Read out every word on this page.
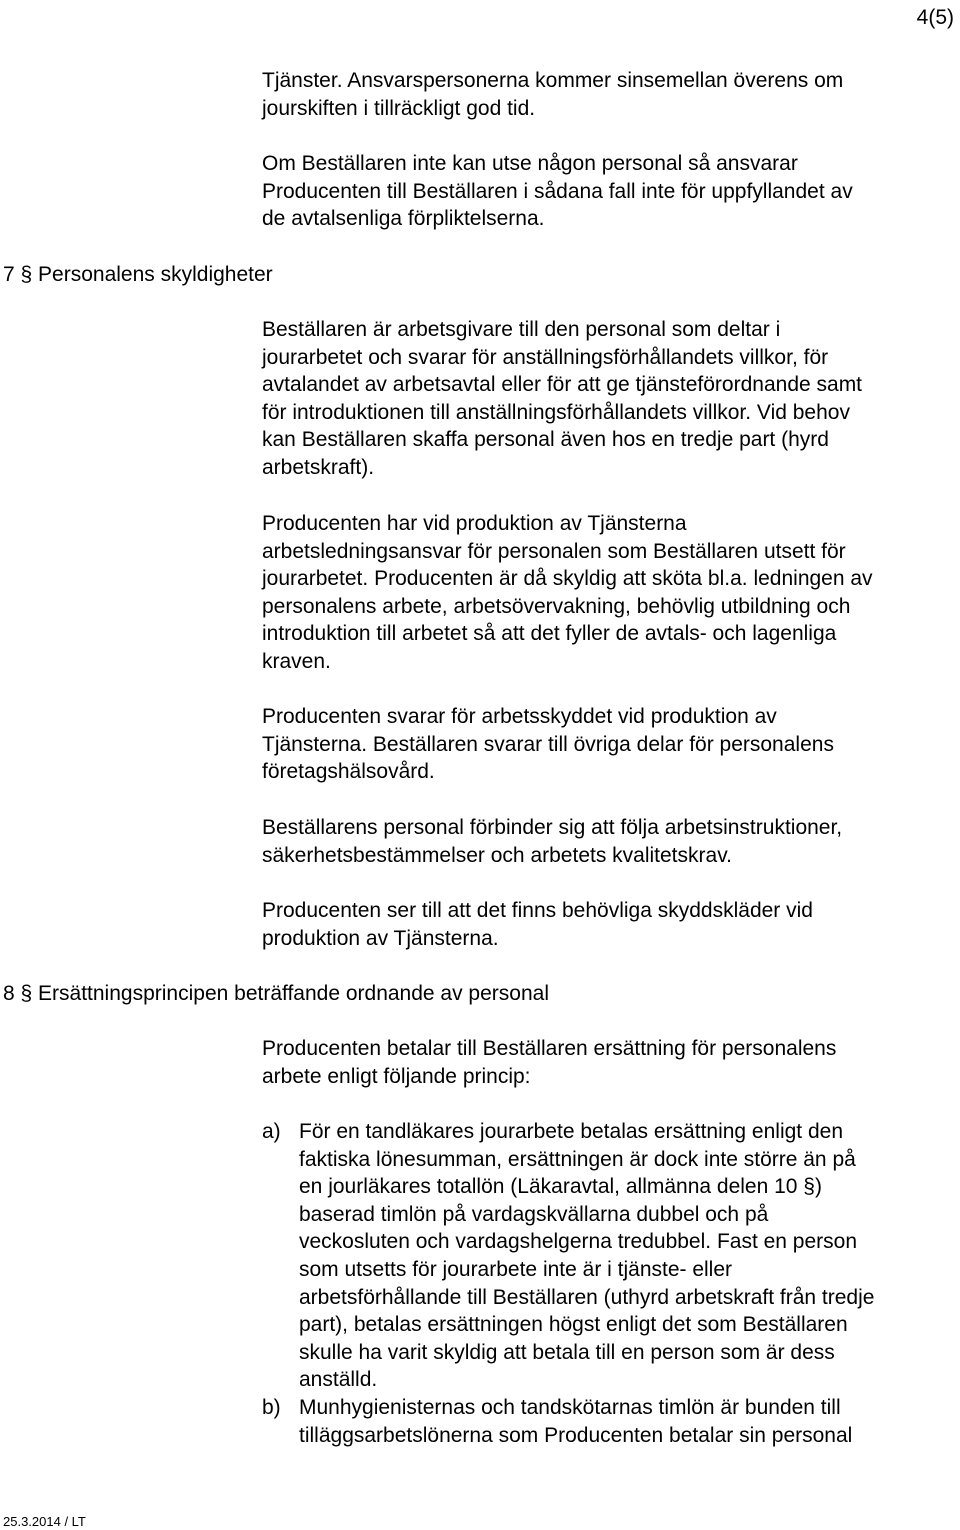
4(5)
Tjänster. Ansvarspersonerna kommer sinsemellan överens om
jourskiften i tillräckligt god tid.
Om Beställaren inte kan utse någon personal så ansvarar
Producenten till Beställaren i sådana fall inte för uppfyllandet av
de avtalsenliga förpliktelserna.
7 § Personalens skyldigheter
Beställaren är arbetsgivare till den personal som deltar i
jourarbetet och svarar för anställningsförhållandets villkor, för
avtalandet av arbetsavtal eller för att ge tjänsteförordnande samt
för introduktionen till anställningsförhållandets villkor. Vid behov
kan Beställaren skaffa personal även hos en tredje part (hyrd
arbetskraft).
Producenten har vid produktion av Tjänsterna
arbetsledningsansvar för personalen som Beställaren utsett för
jourarbetet. Producenten är då skyldig att sköta bl.a. ledningen av
personalens arbete, arbetsövervakning, behövlig utbildning och
introduktion till arbetet så att det fyller de avtals- och lagenliga
kraven.
Producenten svarar för arbetsskyddet vid produktion av
Tjänsterna. Beställaren svarar till övriga delar för personalens
företagshälsovård.
Beställarens personal förbinder sig att följa arbetsinstruktioner,
säkerhetsbestämmelser och arbetets kvalitetskrav.
Producenten ser till att det finns behövliga skyddskläder vid
produktion av Tjänsterna.
8 § Ersättningsprincipen beträffande ordnande av personal
Producenten betalar till Beställaren ersättning för personalens
arbete enligt följande princip:
a) För en tandläkares jourarbete betalas ersättning enligt den
faktiska lönesumman, ersättningen är dock inte större än på
en jourläkares totallön (Läkaravtal, allmänna delen 10 §)
baserad timlön på vardagskvällarna dubbel och på
veckosluten och vardagshelgerna tredubbel. Fast en person
som utsetts för jourarbete inte är i tjänste- eller
arbetsförhållande till Beställaren (uthyrd arbetskraft från tredje
part), betalas ersättningen högst enligt det som Beställaren
skulle ha varit skyldig att betala till en person som är dess
anställd.
b) Munhygienisternas och tandskötarnas timlön är bunden till
tilläggsarbetslönerna som Producenten betalar sin personal
25.3.2014 / LT
